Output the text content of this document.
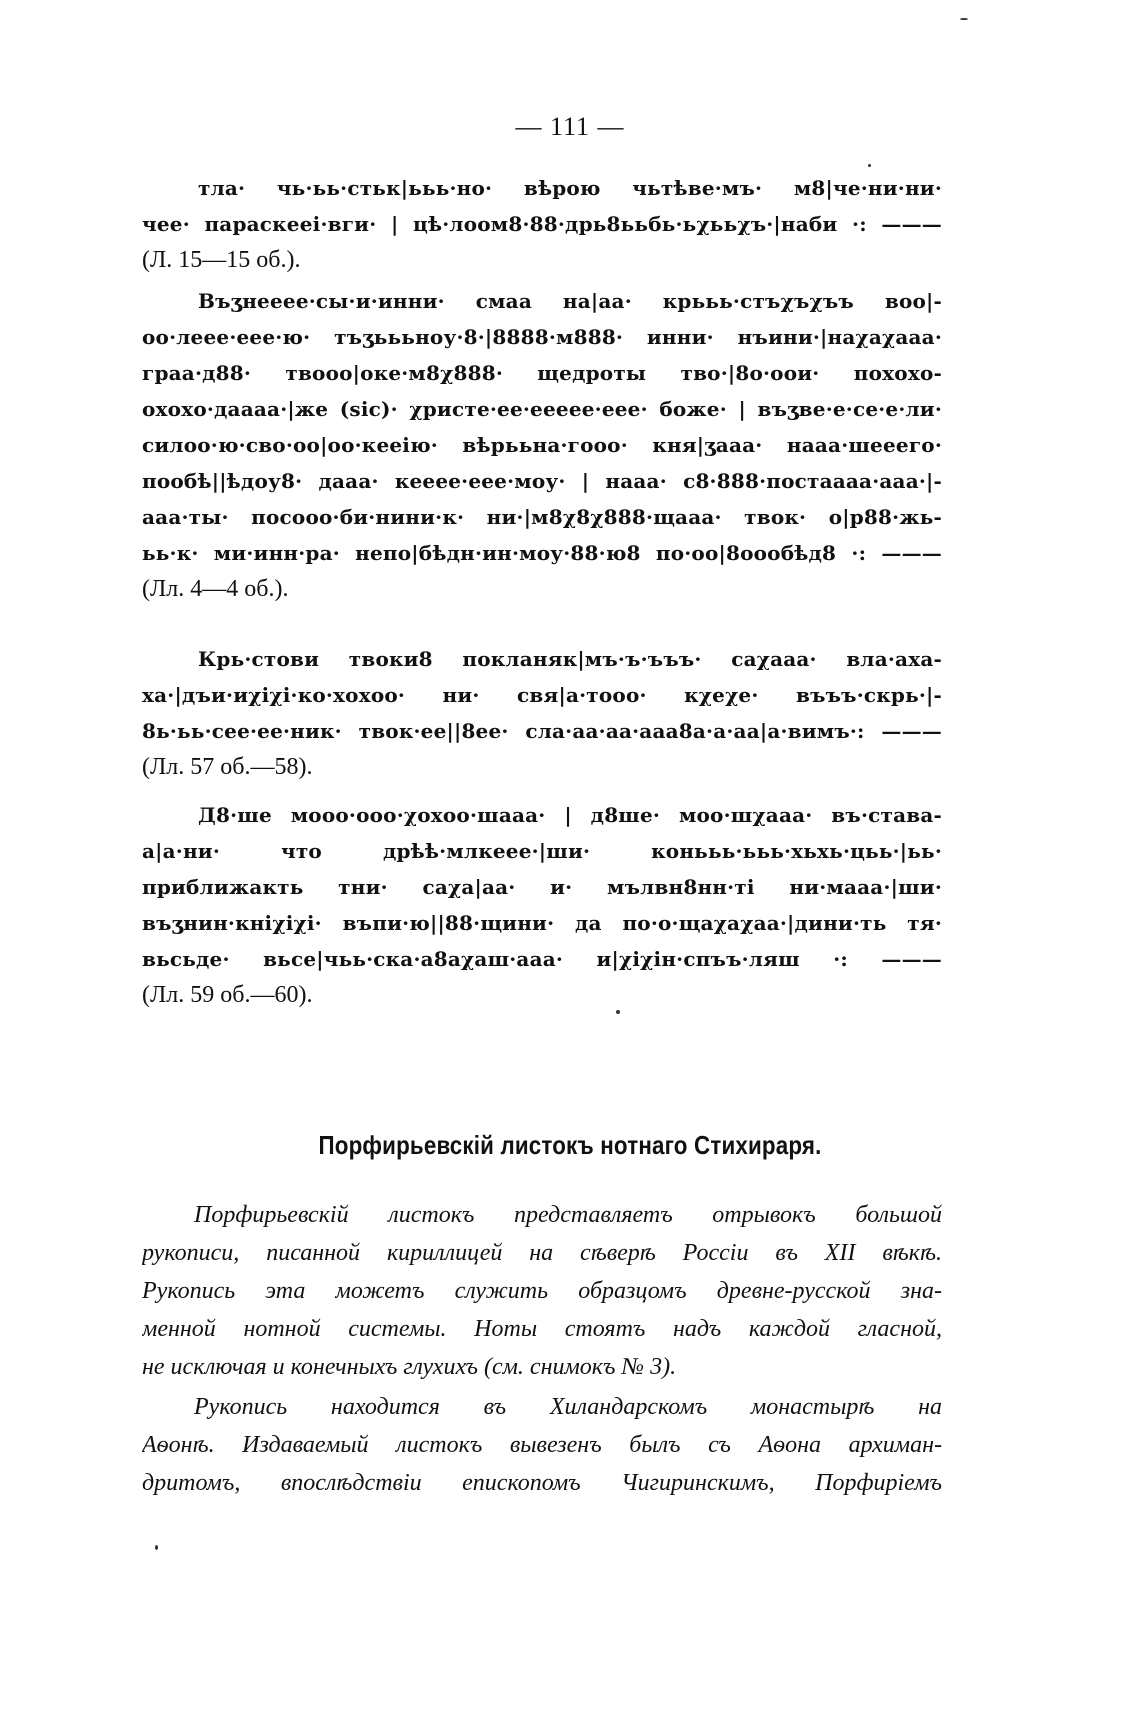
— 111 —
тла· чь·ьь·стьк|ььь·но· вѣрою чьтѣве·мъ· м8|че·ни·ни·
чее· параскееі·вги· | цѣ·лоом8·88·дрь8ььбь·ьχььχъ·|наби ·: ———
(Л. 15—15 об.).
Въӡнееее·сы·и·инни· смаа на|аа· крььь·стъχъχъъ воо|-
оо·леее·еее·ю· тъӡьььноу·8·|8888·м888· инни· нъини·|наχаχааа·
граа·д88· твооо|оке·м8χ888· щедроты тво·|8о·оои· похохо-
охохо·даааа·|же (sic)· χристе·ее·еееее·еее· боже· | въӡве·е·се·е·ли·
силоо·ю·сво·оо|оо·кееію· вѣрььна·гооо· кня|ӡааа· нааа·шееего·
пообѣ||ѣдоу8· дааа· кееее·еее·моу· | нааа· с8·888·постаааа·ааа·|-
ааа·ты· посооо·би·нини·к· ни·|м8χ8χ888·щааа· твок· о|р88·жь-
ьь·к· ми·инн·ра· непо|бѣдн·ин·моу·88·ю8 по·оо|8оообѣд8 ·: ———
(Лл. 4—4 об.).
Крь·стови твоки8 покланяк|мъ·ъ·ъъъ· саχааа· вла·аха-
ха·|дъи·иχіχі·ко·хохоо· ни· свя|а·тооо· кχеχе· въъъ·скрь·|-
8ь·ьь·сее·ее·ник· твок·ее||8ее· сла·аа·аа·ааа8а·а·аа|а·вимъ·: ———
(Лл. 57 об.—58).
Д8·ше мооо·ооо·χохоо·шааа· | д8ше· моо·шχааа· въ·става-
а|а·ни· что дрѣѣ·млкеее·|ши· конььь·ььь·хьхь·цьь·|ьь·
приближакть тни· саχа|аа· и· мълвн8нн·ті ни·мааа·|ши·
въӡнин·кніχіχі· въпи·ю||88·щини· да по·о·щаχаχаа·|дини·ть тя·
вьсьде· вьсе|чьь·ска·а8аχаш·ааа· и|χіχін·спъъ·ляш ·: ———
(Лл. 59 об.—60).
Порфирьевскій листокъ нотнаго Стихираря.
Порфирьевскій листокъ представляетъ отрывокъ большой
рукописи, писанной кириллицей на сѣверѣ Россіи въ XII вѣкѣ.
Рукопись эта можетъ служить образцомъ древне-русской зна-
менной нотной системы. Ноты стоятъ надъ каждой гласной,
не исключая и конечныхъ глухихъ (см. снимокъ № 3).
Рукопись находится въ Хиландарскомъ монастырѣ на
Аѳонѣ. Издаваемый листокъ вывезенъ былъ съ Аѳона архиман-
дритомъ, впослѣдствіи епископомъ Чигиринскимъ, Порфиріемъ
